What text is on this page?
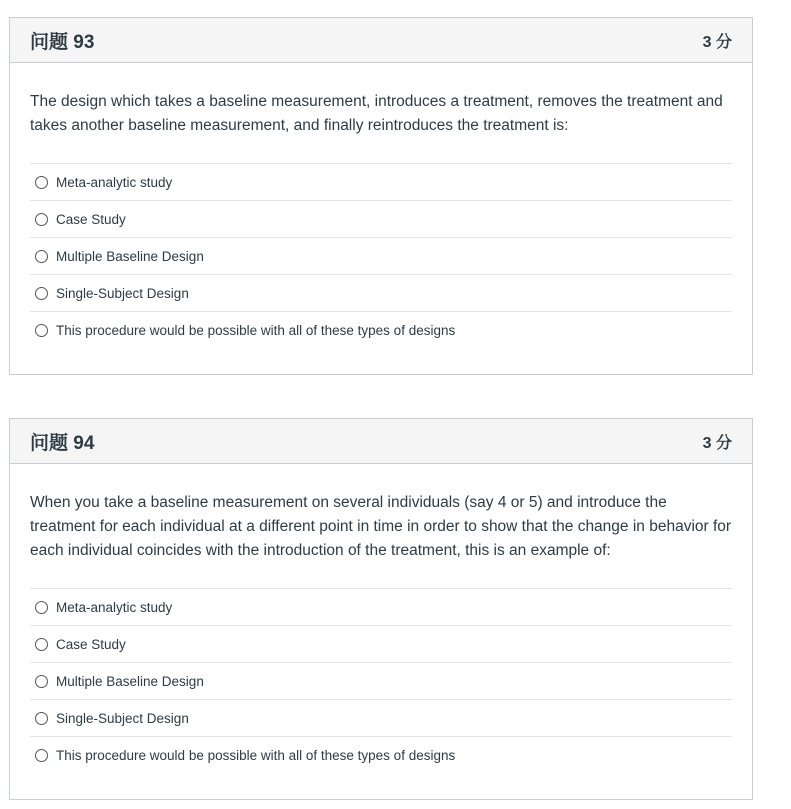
问题 93	3 分

The design which takes a baseline measurement, introduces a treatment, removes the treatment and takes another baseline measurement, and finally reintroduces the treatment is:

Meta-analytic study
Case Study
Multiple Baseline Design
Single-Subject Design
This procedure would be possible with all of these types of designs
问题 94	3 分

When you take a baseline measurement on several individuals (say 4 or 5) and introduce the treatment for each individual at a different point in time in order to show that the change in behavior for each individual coincides with the introduction of the treatment, this is an example of:

Meta-analytic study
Case Study
Multiple Baseline Design
Single-Subject Design
This procedure would be possible with all of these types of designs
